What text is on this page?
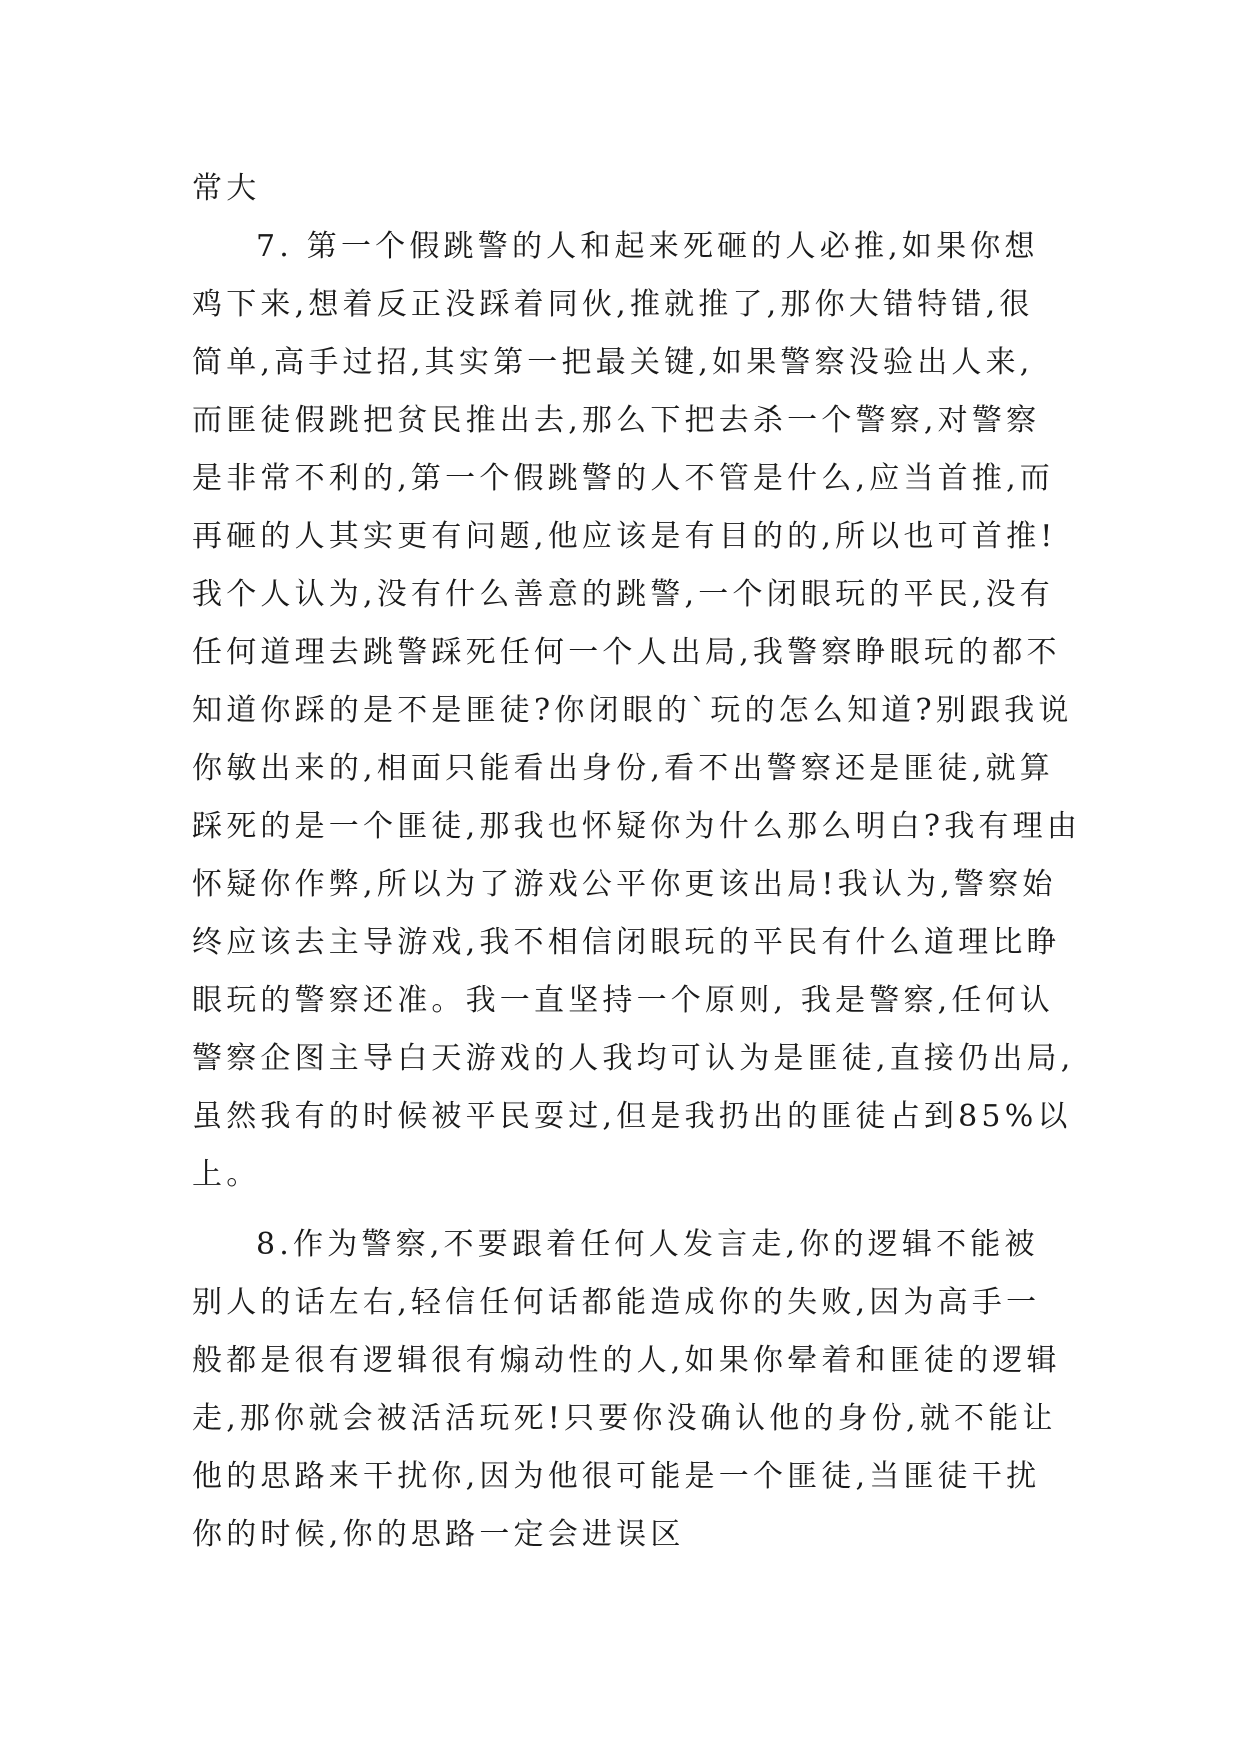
常大
7. 第一个假跳警的人和起来死砸的人必推,如果你想
鸡下来,想着反正没踩着同伙,推就推了,那你大错特错,很
简单,高手过招,其实第一把最关键,如果警察没验出人来,
而匪徒假跳把贫民推出去,那么下把去杀一个警察,对警察
是非常不利的,第一个假跳警的人不管是什么,应当首推,而
再砸的人其实更有问题,他应该是有目的的,所以也可首推!
我个人认为,没有什么善意的跳警,一个闭眼玩的平民,没有
任何道理去跳警踩死任何一个人出局,我警察睁眼玩的都不
知道你踩的是不是匪徒?你闭眼的`玩的怎么知道?别跟我说
你敏出来的,相面只能看出身份,看不出警察还是匪徒,就算
踩死的是一个匪徒,那我也怀疑你为什么那么明白?我有理由
怀疑你作弊,所以为了游戏公平你更该出局!我认为,警察始
终应该去主导游戏,我不相信闭眼玩的平民有什么道理比睁
眼玩的警察还准。我一直坚持一个原则, 我是警察,任何认
警察企图主导白天游戏的人我均可认为是匪徒,直接仍出局,
虽然我有的时候被平民耍过,但是我扔出的匪徒占到85%以
上。
8.作为警察,不要跟着任何人发言走,你的逻辑不能被
别人的话左右,轻信任何话都能造成你的失败,因为高手一
般都是很有逻辑很有煽动性的人,如果你晕着和匪徒的逻辑
走,那你就会被活活玩死!只要你没确认他的身份,就不能让
他的思路来干扰你,因为他很可能是一个匪徒,当匪徒干扰
你的时候,你的思路一定会进误区
